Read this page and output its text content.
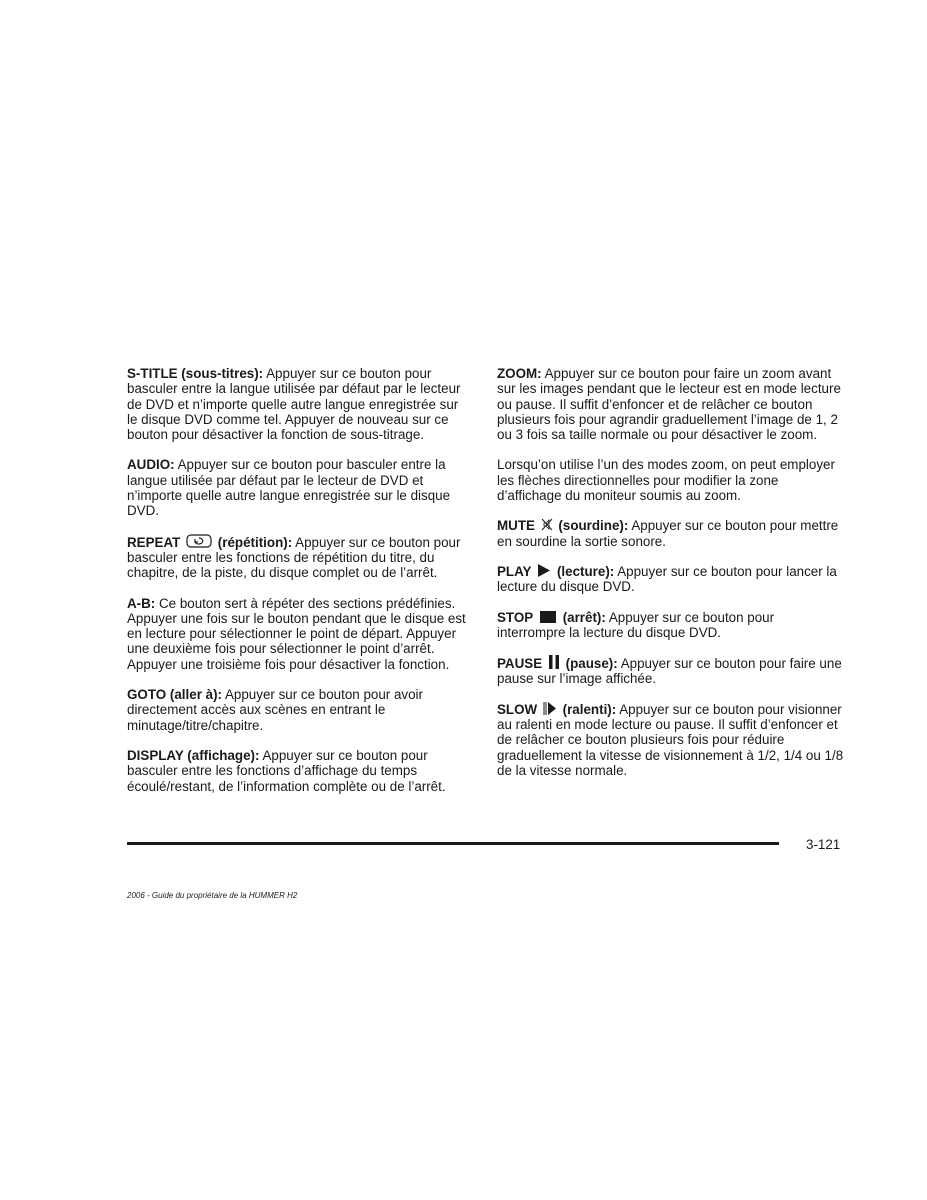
S-TITLE (sous-titres): Appuyer sur ce bouton pour basculer entre la langue utilisée par défaut par le lecteur de DVD et n’importe quelle autre langue enregistrée sur le disque DVD comme tel. Appuyer de nouveau sur ce bouton pour désactiver la fonction de sous-titrage.

AUDIO: Appuyer sur ce bouton pour basculer entre la langue utilisée par défaut par le lecteur de DVD et n’importe quelle autre langue enregistrée sur le disque DVD.

REPEAT	(répétition): Appuyer sur ce bouton pour basculer entre les fonctions de répétition du titre, du chapitre, de la piste, du disque complet ou de l’arrêt.

A-B: Ce bouton sert à répéter des sections prédéfinies. Appuyer une fois sur le bouton pendant que le disque est en lecture pour sélectionner le point de départ. Appuyer une deuxième fois pour sélectionner le point d’arrêt. Appuyer une troisième fois pour désactiver la fonction.

GOTO (aller à): Appuyer sur ce bouton pour avoir directement accès aux scènes en entrant le minutage/titre/chapitre.

DISPLAY (affichage): Appuyer sur ce bouton pour basculer entre les fonctions d’affichage du temps écoulé/restant, de l’information complète ou de l’arrêt.

ZOOM: Appuyer sur ce bouton pour faire un zoom avant sur les images pendant que le lecteur est en mode lecture ou pause. Il suffit d’enfoncer et de relâcher ce bouton plusieurs fois pour agrandir graduellement l’image de 1, 2 ou 3 fois sa taille normale ou pour désactiver le zoom.

Lorsqu’on utilise l’un des modes zoom, on peut employer les flèches directionnelles pour modifier la zone d’affichage du moniteur soumis au zoom.

MUTE (sourdine): Appuyer sur ce bouton pour mettre en sourdine la sortie sonore.

PLAY (lecture): Appuyer sur ce bouton pour lancer la lecture du disque DVD.

STOP (arrêt): Appuyer sur ce bouton pour interrompre la lecture du disque DVD.

PAUSE (pause): Appuyer sur ce bouton pour faire une pause sur l’image affichée.

SLOW (ralenti): Appuyer sur ce bouton pour visionner au ralenti en mode lecture ou pause. Il suffit d’enfoncer et de relâcher ce bouton plusieurs fois pour réduire graduellement la vitesse de visionnement à 1/2, 1/4 ou 1/8 de la vitesse normale.

3-121
2006 - Guide du propriétaire de la HUMMER H2
